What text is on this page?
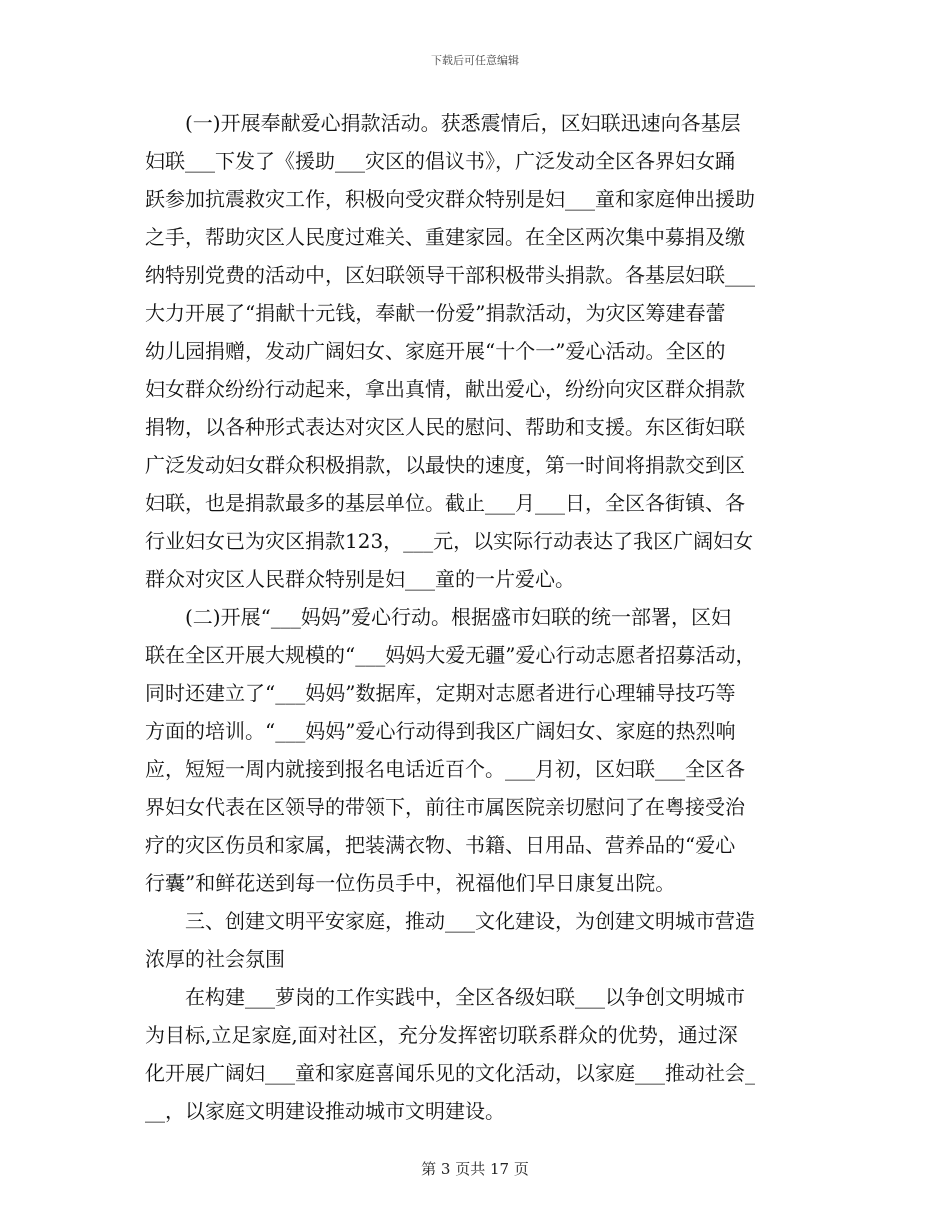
下载后可任意编辑
　　(一)开展奉献爱心捐款活动。获悉震情后，区妇联迅速向各基层
妇联___下发了《援助___灾区的倡议书》，广泛发动全区各界妇女踊
跃参加抗震救灾工作，积极向受灾群众特别是妇___童和家庭伸出援助
之手，帮助灾区人民度过难关、重建家园。在全区两次集中募捐及缴
纳特别党费的活动中，区妇联领导干部积极带头捐款。各基层妇联___
大力开展了“捐献十元钱，奉献一份爱”捐款活动，为灾区筹建春蕾
幼儿园捐赠，发动广阔妇女、家庭开展“十个一”爱心活动。全区的
妇女群众纷纷行动起来，拿出真情，献出爱心，纷纷向灾区群众捐款
捐物，以各种形式表达对灾区人民的慰问、帮助和支援。东区街妇联
广泛发动妇女群众积极捐款，以最快的速度，第一时间将捐款交到区
妇联，也是捐款最多的基层单位。截止___月___日，全区各街镇、各
行业妇女已为灾区捐款123，___元，以实际行动表达了我区广阔妇女
群众对灾区人民群众特别是妇___童的一片爱心。
　　(二)开展“___妈妈”爱心行动。根据盛市妇联的统一部署，区妇
联在全区开展大规模的“___妈妈大爱无疆”爱心行动志愿者招募活动，
同时还建立了“___妈妈”数据库，定期对志愿者进行心理辅导技巧等
方面的培训。“___妈妈”爱心行动得到我区广阔妇女、家庭的热烈响
应，短短一周内就接到报名电话近百个。___月初，区妇联___全区各
界妇女代表在区领导的带领下，前往市属医院亲切慰问了在粤接受治
疗的灾区伤员和家属，把装满衣物、书籍、日用品、营养品的“爱心
行囊”和鲜花送到每一位伤员手中，祝福他们早日康复出院。
　　三、创建文明平安家庭，推动___文化建设，为创建文明城市营造
浓厚的社会氛围
　　在构建___萝岗的工作实践中，全区各级妇联___以争创文明城市
为目标,立足家庭,面对社区，充分发挥密切联系群众的优势，通过深
化开展广阔妇___童和家庭喜闻乐见的文化活动，以家庭___推动社会_
__，以家庭文明建设推动城市文明建设。
第 3 页共 17 页
